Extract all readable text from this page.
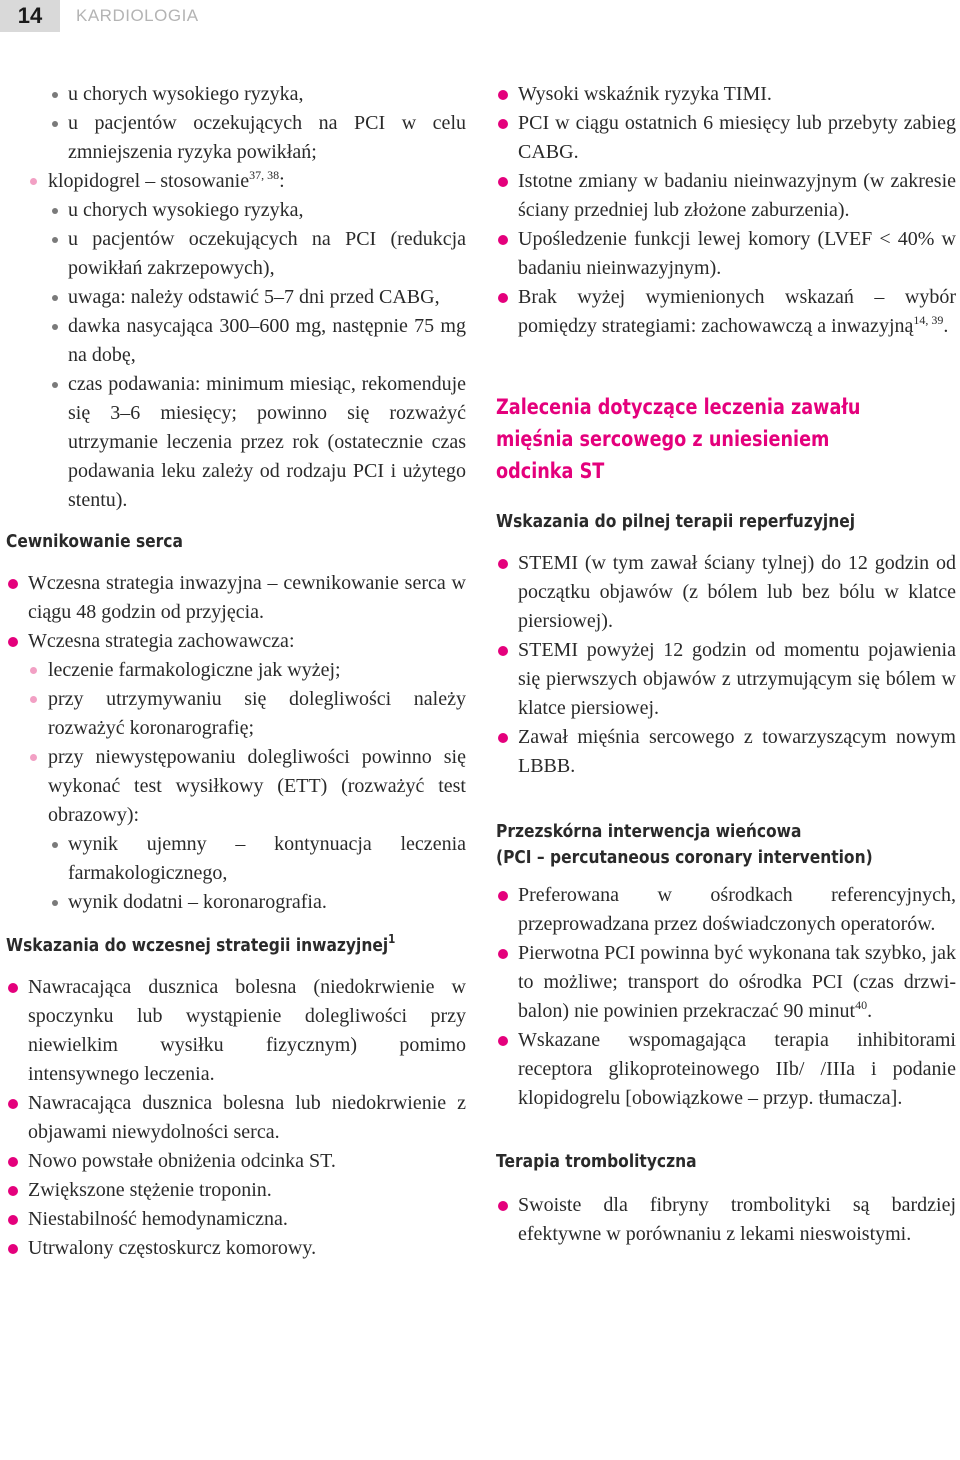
14	KARDIOLOGIA
u chorych wysokiego ryzyka,
u pacjentów oczekujących na PCI w celu zmniejszenia ryzyka powikłań;
klopidogrel – stosowanie$^{37, 38}$:
u chorych wysokiego ryzyka,
u pacjentów oczekujących na PCI (redukcja powikłań zakrzepowych),
uwaga: należy odstawić 5–7 dni przed CABG,
dawka nasycająca 300–600 mg, następnie 75 mg na dobę,
czas podawania: minimum miesiąc, rekomenduje się 3–6 miesięcy; powinno się rozważyć utrzymanie leczenia przez rok (ostatecznie czas podawania leku zależy od rodzaju PCI i użytego stentu).
Cewnikowanie serca
Wczesna strategia inwazyjna – cewnikowanie serca w ciągu 48 godzin od przyjęcia.
Wczesna strategia zachowawcza:
leczenie farmakologiczne jak wyżej;
przy utrzymywaniu się dolegliwości należy rozważyć koronarografię;
przy niewystępowaniu dolegliwości powinno się wykonać test wysiłkowy (ETT) (rozważyć test obrazowy):
wynik ujemny – kontynuacja leczenia farmakologicznego,
wynik dodatni – koronarografia.
Wskazania do wczesnej strategii inwazyjnej$^1$
Nawracająca dusznica bolesna (niedokrwienie w spoczynku lub wystąpienie dolegliwości przy niewielkim wysiłku fizycznym) pomimo intensywnego leczenia.
Nawracająca dusznica bolesna lub niedokrwienie z objawami niewydolności serca.
Nowo powstałe obniżenia odcinka ST.
Zwiększone stężenie troponin.
Niestabilność hemodynamiczna.
Utrwalony częstoskurcz komorowy.
Wysoki wskaźnik ryzyka TIMI.
PCI w ciągu ostatnich 6 miesięcy lub przebyty zabieg CABG.
Istotne zmiany w badaniu nieinwazyjnym (w zakresie ściany przedniej lub złożone zaburzenia).
Upośledzenie funkcji lewej komory (LVEF < 40% w badaniu nieinwazyjnym).
Brak wyżej wymienionych wskazań – wybór pomiędzy strategiami: zachowawczą a inwazyjną$^{14, 39}$.
Zalecenia dotyczące leczenia zawału
mięśnia sercowego z uniesieniem odcinka ST
Wskazania do pilnej terapii reperfuzyjnej
STEMI (w tym zawał ściany tylnej) do 12 godzin od początku objawów (z bólem lub bez bólu w klatce piersiowej).
STEMI powyżej 12 godzin od momentu pojawienia się pierwszych objawów z utrzymującym się bólem w klatce piersiowej.
Zawał mięśnia sercowego z towarzyszącym nowym LBBB.
Przezskórna interwencja wieńcowa
(PCI – percutaneous coronary intervention)
Preferowana w ośrodkach referencyjnych, przeprowadzana przez doświadczonych operatorów.
Pierwotna PCI powinna być wykonana tak szybko, jak to możliwe; transport do ośrodka PCI (czas drzwi-balon) nie powinien przekraczać 90 minut$^{40}$.
Wskazane wspomagająca terapia inhibitorami receptora glikoproteinowego IIb/ /IIIa i podanie klopidogrelu [obowiązkowe – przyp. tłumacza].
Terapia trombolityczna
Swoiste dla fibryny trombolityki są bardziej efektywne w porównaniu z lekami nieswoistymi.
